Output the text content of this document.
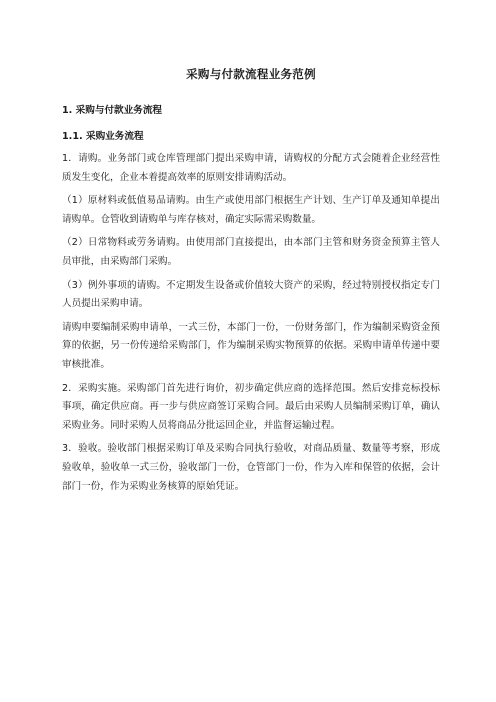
采购与付款流程业务范例
1. 采购与付款业务流程
1.1. 采购业务流程

1．请购。业务部门或仓库管理部门提出采购申请，请购权的分配方式会随着企业经营性质发生变化，企业本着提高效率的原则安排请购活动。

（1）原材料或低值易品请购。由生产或使用部门根据生产计划、生产订单及通知单提出请购单。仓管收到请购单与库存核对，确定实际需采购数量。

（2）日常物料或劳务请购。由使用部门直接提出，由本部门主管和财务资金预算主管人员审批，由采购部门采购。

（3）例外事项的请购。不定期发生设备或价值较大资产的采购，经过特别授权指定专门人员提出采购申请。

请购申要编制采购申请单，一式三份，本部门一份，一份财务部门，作为编制采购资金预算的依据，另一份传递给采购部门，作为编制采购实物预算的依据。采购申请单传递中要审核批准。

2．采购实施。采购部门首先进行询价，初步确定供应商的选择范围。然后安排竞标投标事项，确定供应商。再一步与供应商签订采购合同。最后由采购人员编制采购订单，确认采购业务。同时采购人员将商品分批运回企业，并监督运输过程。

3．验收。验收部门根据采购订单及采购合同执行验收，对商品质量、数量等考察，形成验收单，验收单一式三份，验收部门一份，仓管部门一份，作为入库和保管的依据，会计部门一份，作为采购业务核算的原始凭证。
